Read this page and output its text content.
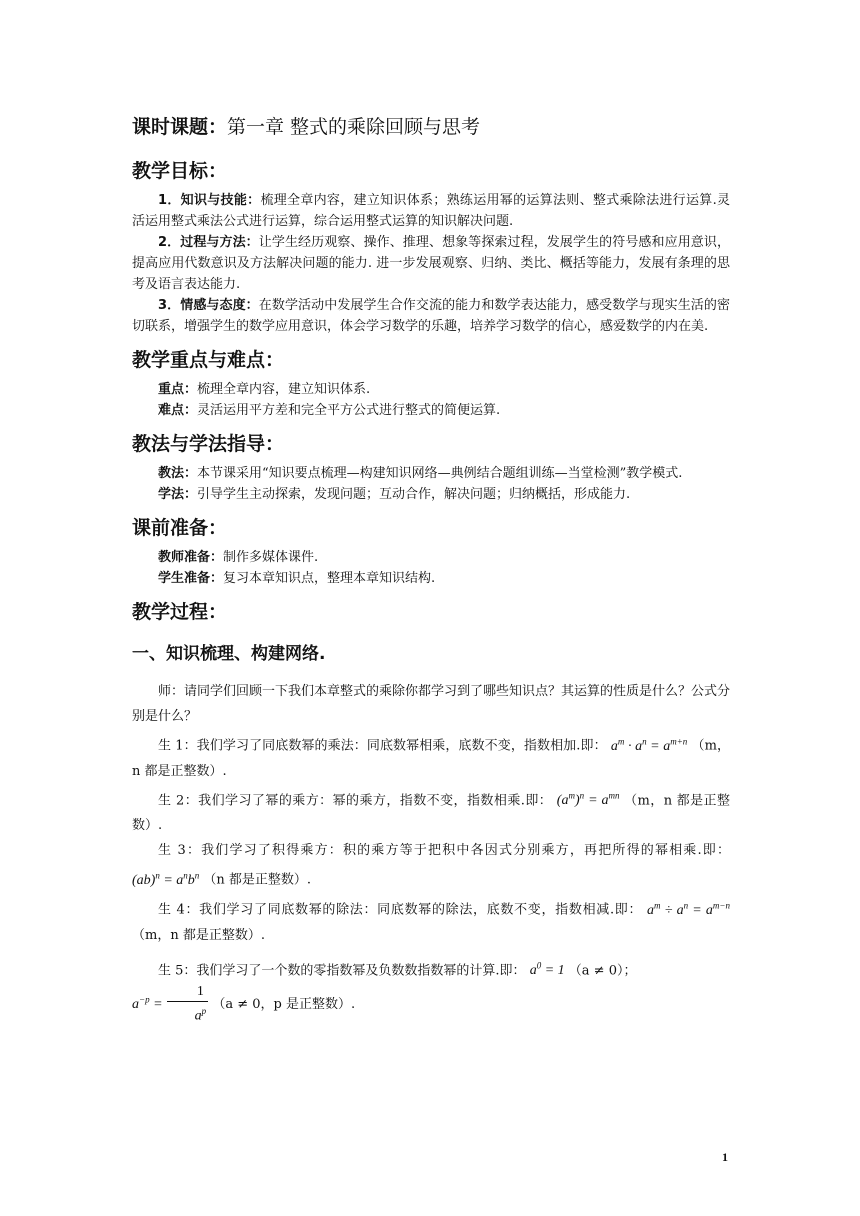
课时课题：第一章 整式的乘除回顾与思考
教学目标：

1．知识与技能：梳理全章内容，建立知识体系；熟练运用幂的运算法则、整式乘除法进行运算.灵活运用整式乘法公式进行运算，综合运用整式运算的知识解决问题.

2．过程与方法：让学生经历观察、操作、推理、想象等探索过程，发展学生的符号感和应用意识，提高应用代数意识及方法解决问题的能力. 进一步发展观察、归纳、类比、概括等能力，发展有条理的思考及语言表达能力.

3．情感与态度：在数学活动中发展学生合作交流的能力和数学表达能力，感受数学与现实生活的密切联系，增强学生的数学应用意识，体会学习数学的乐趣，培养学习数学的信心，感爱数学的内在美.

教学重点与难点：

重点：梳理全章内容，建立知识体系.

难点：灵活运用平方差和完全平方公式进行整式的简便运算.

教法与学法指导：

教法：本节课采用“知识要点梳理—构建知识网络—典例结合题组训练—当堂检测”教学模式.

学法：引导学生主动探索，发现问题；互动合作，解决问题；归纳概括，形成能力.

课前准备：

教师准备：制作多媒体课件.

学生准备：复习本章知识点，整理本章知识结构.

教学过程：
一、知识梳理、构建网络.

师：请同学们回顾一下我们本章整式的乘除你都学习到了哪些知识点？其运算的性质是什么？公式分别是什么？

生 1：我们学习了同底数幂的乘法：同底数幂相乘，底数不变，指数相加.即： $a^m \cdot a^n = a^{m+n}$ （m，n 都是正整数）.

生 2：我们学习了幂的乘方：幂的乘方，指数不变，指数相乘.即： $(a^m)^n = a^{mn}$ （m，n 都是正整数）.

生 3：我们学习了积得乘方：积的乘方等于把积中各因式分别乘方，再把所得的幂相乘.即： $(ab)^n = a^nb^n$ （n 都是正整数）.

生 4：我们学习了同底数幂的除法：同底数幂的除法，底数不变，指数相减.即： $a^m \div a^n = a^{m-n}$ （m，n 都是正整数）.

生 5：我们学习了一个数的零指数幂及负数数指数幂的计算.即： $a^0 = 1$ （a ≠ 0）；
$a^{-p} = \frac{1}{a^p} (a \ne 0$，p 是正整数）.

1
